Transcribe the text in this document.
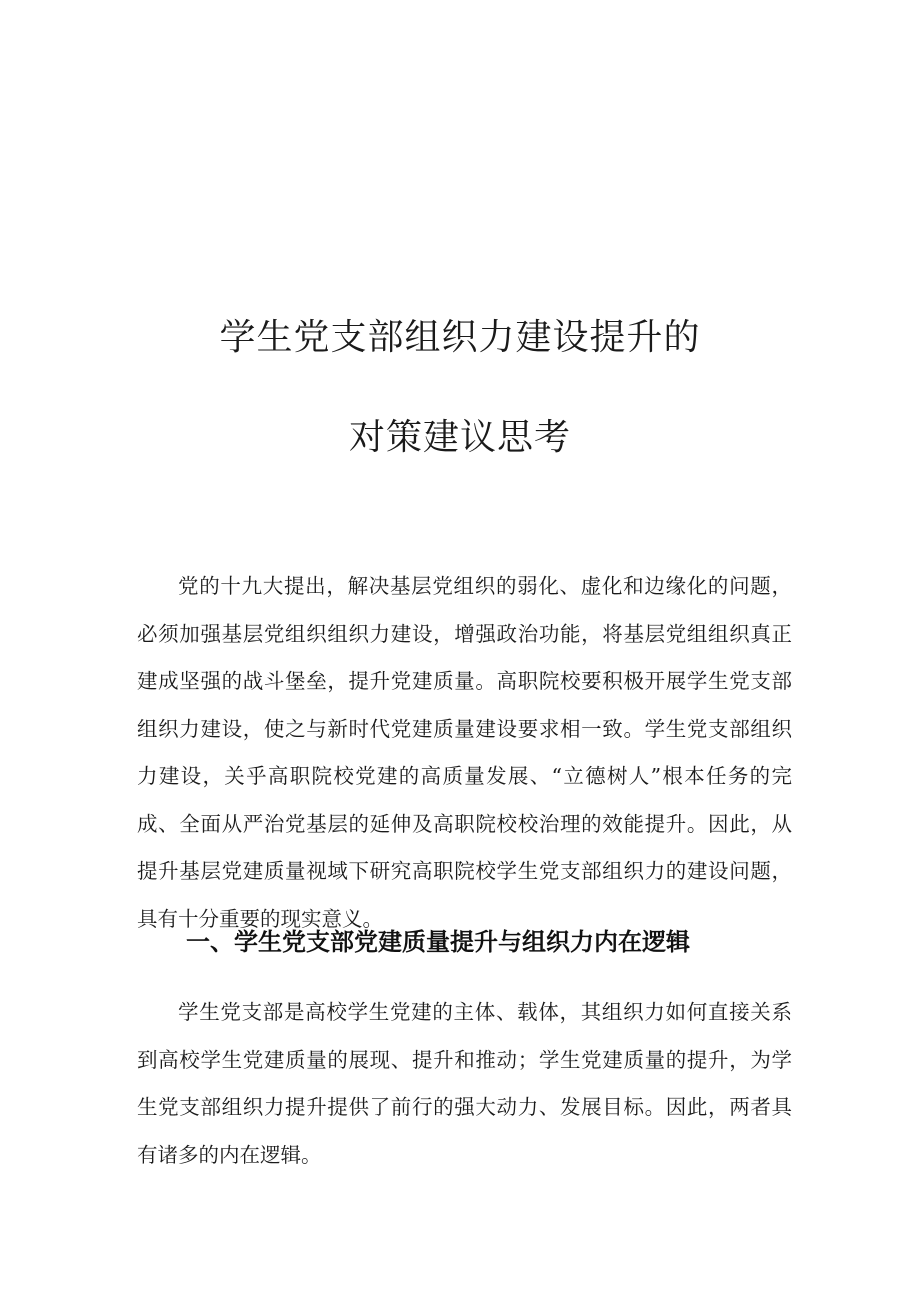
学生党支部组织力建设提升的
对策建议思考

党的十九大提出，解决基层党组织的弱化、虚化和边缘化的问题，必须加强基层党组织组织力建设，增强政治功能，将基层党组组织真正建成坚强的战斗堡垒，提升党建质量。高职院校要积极开展学生党支部组织力建设，使之与新时代党建质量建设要求相一致。学生党支部组织力建设，关乎高职院校党建的高质量发展、“立德树人”根本任务的完成、全面从严治党基层的延伸及高职院校校治理的效能提升。因此，从提升基层党建质量视域下研究高职院校学生党支部组织力的建设问题，具有十分重要的现实意义。

一、学生党支部党建质量提升与组织力内在逻辑

学生党支部是高校学生党建的主体、载体，其组织力如何直接关系到高校学生党建质量的展现、提升和推动；学生党建质量的提升，为学生党支部组织力提升提供了前行的强大动力、发展目标。因此，两者具有诸多的内在逻辑。
